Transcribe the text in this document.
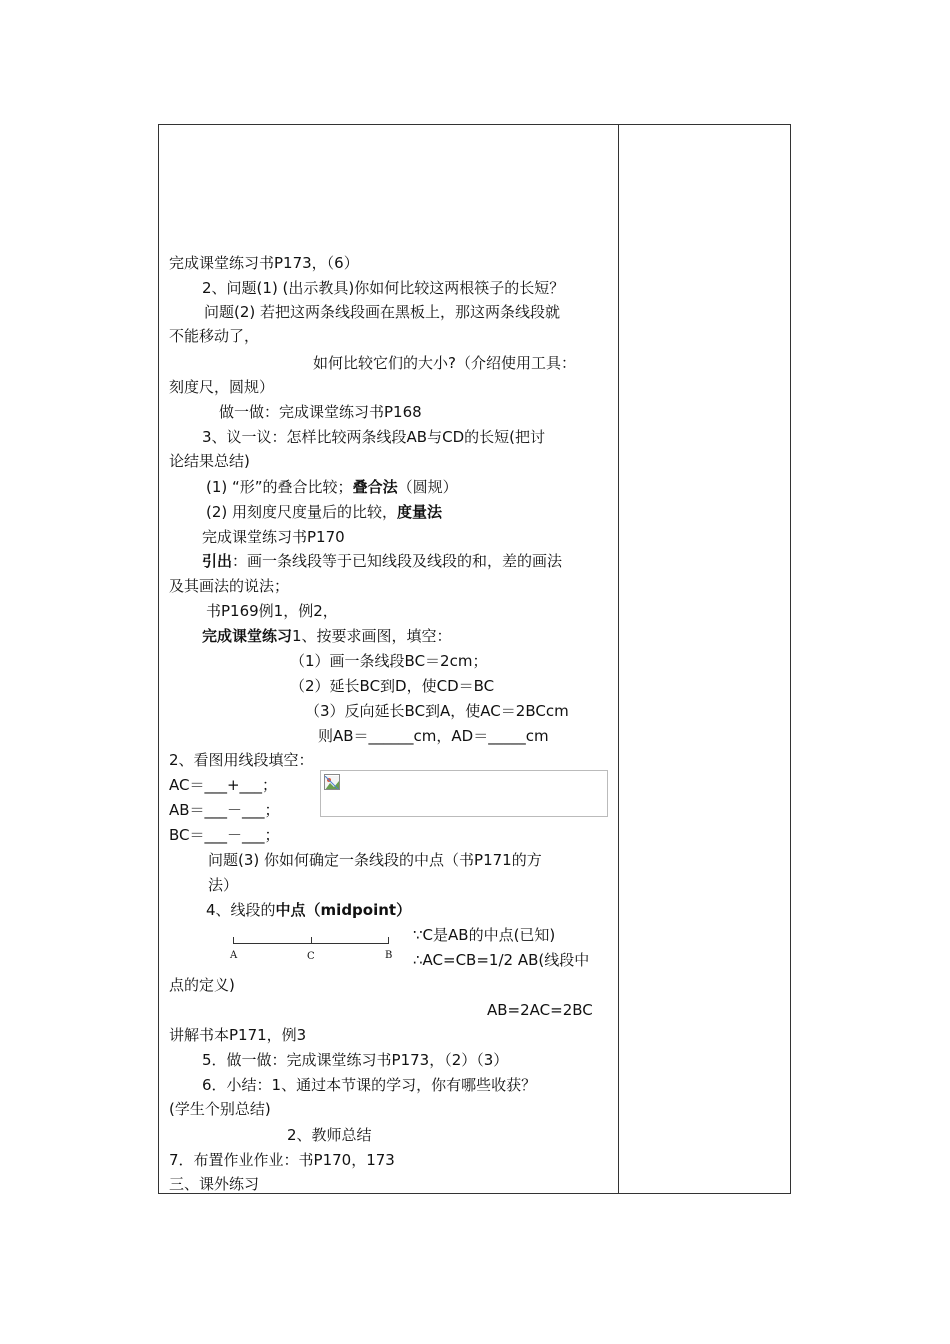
完成课堂练习书P173，（6）
2、问题(1) (出示教具)你如何比较这两根筷子的长短？
问题(2) 若把这两条线段画在黑板上，那这两条线段就
不能移动了，
如何比较它们的大小?（介绍使用工具：
刻度尺，圆规）
做一做：完成课堂练习书P168
3、议一议：怎样比较两条线段AB与CD的长短(把讨
论结果总结)
(1) “形”的叠合比较；叠合法（圆规）
(2) 用刻度尺度量后的比较，度量法
完成课堂练习书P170
引出：画一条线段等于已知线段及线段的和，差的画法
及其画法的说法；
书P169例1，例2，
完成课堂练习1、按要求画图，填空：
（1）画一条线段BC＝2cm；
（2）延长BC到D，使CD＝BC
（3）反向延长BC到A，使AC＝2BCcm
则AB＝______cm，AD＝_____cm
2、看图用线段填空：
AC＝___+___；
AB＝___－___；
BC＝___－___；
问题(3) 你如何确定一条线段的中点（书P171的方
法）
4、线段的中点（midpoint）
A	C	B
∵C是AB的中点(已知)
∴AC=CB=1/2 AB(线段中
点的定义)
AB=2AC=2BC
讲解书本P171，例3
5．做一做：完成课堂练习书P173，（2）（3）
6．小结：1、通过本节课的学习，你有哪些收获？
(学生个别总结)
2、教师总结
7．布置作业作业：书P170，173
三、课外练习
